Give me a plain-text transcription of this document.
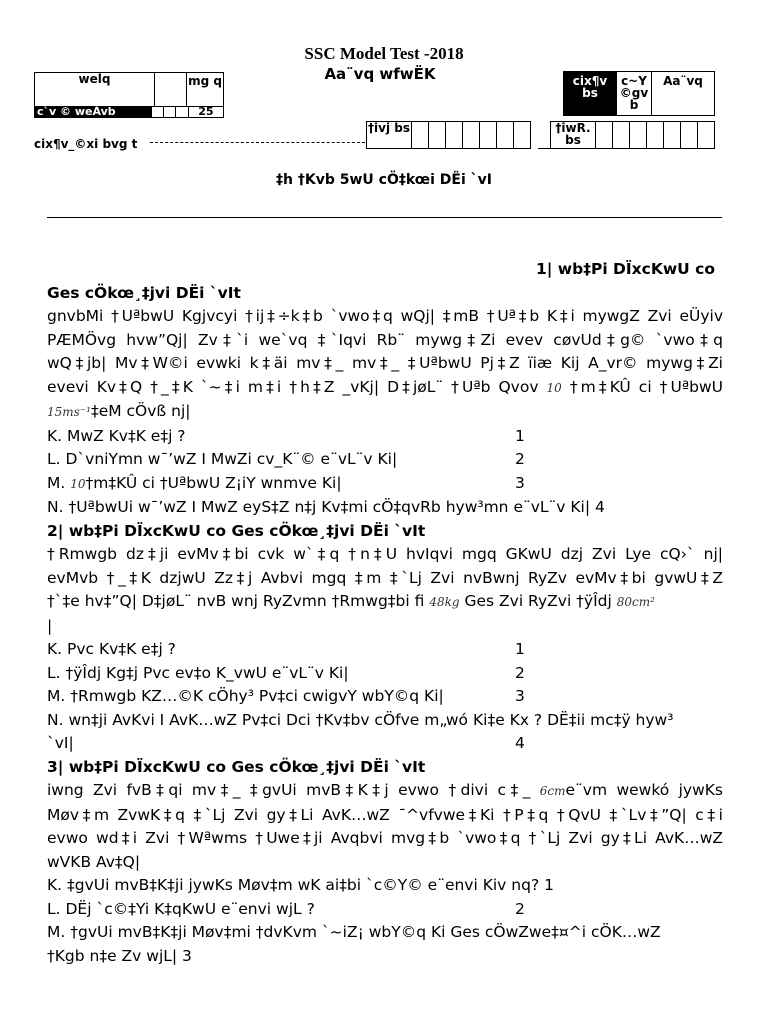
SSC Model Test -2018
Aa¨vq wfwËK
welq		mg q
c`v © weÁvb				25
cix¶v_©xi bvg t
†ivj bs								†iwR. bs							
cix¶v bs	c~Y ©gv b	Aa¨vq
‡h †Kvb 5wU cÖ‡kœi DËi `vI

1| wb‡Pi DÏxcKwU co

Ges cÖkœ¸‡jvi DËi `vIt

gnvbMi †UªbwU Kgjvcyi †ij‡÷k‡b `vwo‡q wQj| ‡mB †Uª‡b K‡i mywgZ Zvi eÜyiv

PÆMÖvg hvw”Qj| Zv‡`i we`vq ‡`Iqvi Rb¨ mywg‡Zi evev cøvUd‡g© `vwo‡q

wQ‡jb| Mv‡W©i evwki k‡äi mv‡_ mv‡_ ‡UªbwU Pj‡Z ïiæ Kij A_vr© mywg‡Zi

evevi Kv‡Q †_‡K `~‡i m‡i †h‡Z _vKj| D‡jøL¨ †Uªb Qvov 10 †m‡KÛ ci †UªbwU

15ms⁻¹‡eM cÖvß nj|

K. MwZ Kv‡K e‡j ?	1
L. D`vniYmn w¯’wZ I MwZi cv_K¨© e¨vL¨v Ki|	2
M. 10†m‡KÛ ci †UªbwU Z¡iY wnmve Ki|	3
N. †UªbwUi w¯’wZ I MwZ eyS‡Z n‡j Kv‡mi cÖ‡qvRb hyw³mn e¨vL¨v Ki| 4

2| wb‡Pi DÏxcKwU co Ges cÖkœ¸‡jvi DËi `vIt

†Rmwgb dz‡ji evMv‡bi cvk w`‡q †n‡U hvIqvi mgq GKwU dzj Zvi Lye cQ›` nj|

evMvb †_‡K dzjwU Zz‡j Avbvi mgq ‡m ‡`Lj Zvi nvBwnj RyZv evMv‡bi gvwU‡Z

†`‡e hv‡”Q| D‡jøL¨ nvB wnj RyZvmn †Rmwg‡bi fi 48kg Ges Zvi RyZvi †ÿÎdj 80cm²

|

K. Pvc Kv‡K e‡j ?	1
L. †ÿÎdj Kg‡j Pvc ev‡o K_vwU e¨vL¨v Ki|	2
M. †Rmwgb KZ…©K cÖhy³ Pv‡ci cwigvY wbY©q Ki|	3
N. wn‡ji AvKvi I AvK…wZ Pv‡ci Dci †Kv‡bv cÖfve m„wó Ki‡e Kx ? DË‡ii mc‡ÿ hyw³
`vI|	4

3| wb‡Pi DÏxcKwU co Ges cÖkœ¸‡jvi DËi `vIt

iwng Zvi fvB‡qi mv‡_ ‡gvUi mvB‡K‡j evwo †divi c‡_ 6cme¨vm wewkó jywKs

Møv‡m ZvwK‡q ‡`Lj Zvi gy‡Li AvK…wZ ¯^vfvwe‡Ki †P‡q †QvU ‡`Lv‡”Q| c‡i

evwo wd‡i Zvi †Wªwms †Uwe‡ji Avqbvi mvg‡b `vwo‡q †`Lj Zvi gy‡Li AvK…wZ

wVKB Av‡Q|

K. ‡gvUi mvB‡K‡ji jywKs Møv‡m wK ai‡bi `c©Y© e¨envi Kiv nq? 1
L. DËj `c©‡Yi K‡qKwU e¨envi wjL ?	2
M. †gvUi mvB‡K‡ji Møv‡mi †dvKvm `~iZ¡ wbY©q Ki Ges cÖwZwe‡¤^i cÖK…wZ
†Kgb n‡e Zv wjL| 3
